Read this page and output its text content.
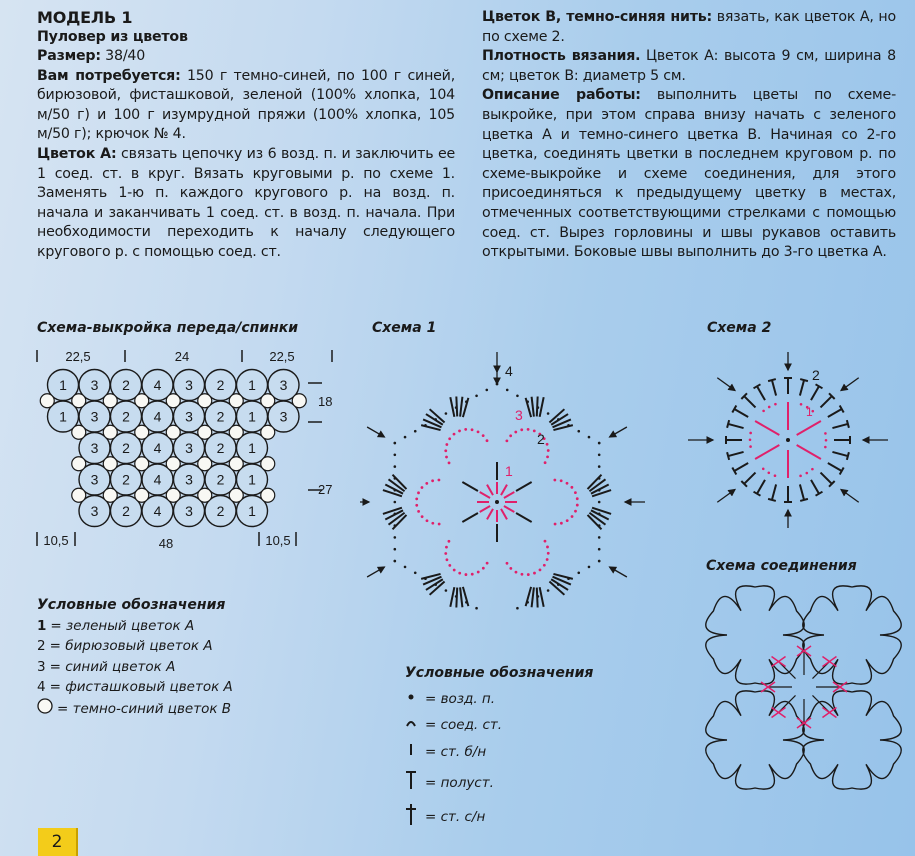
МОДЕЛЬ 1

Пуловер из цветов

Размер: 38/40

Вам потребуется: 150 г темно-синей, по 100 г синей, бирюзовой, фисташковой, зеленой (100% хлопка, 104 м/50 г) и 100 г изумрудной пряжи (100% хлопка, 105 м/50 г); крючок № 4.

Цветок А: связать цепочку из 6 возд. п. и заключить ее 1 соед. ст. в круг. Вязать круговыми р. по схеме 1. Заменять 1-ю п. каждого кругового р. на возд. п. начала и заканчивать 1 соед. ст. в возд. п. начала. При необходимости переходить к началу следующего кругового р. с помощью соед. ст.

Цветок В, темно-синяя нить: вязать, как цветок А, но по схеме 2.

Плотность вязания. Цветок А: высота 9 см, ширина 8 см; цветок В: диаметр 5 см.

Описание работы: выполнить цветы по схеме-выкройке, при этом справа внизу начать с зеленого цветка А и темно-синего цветка В. Начиная со 2-го цветка, соединять цветки в последнем круговом р. по схеме-выкройке и схеме соединения, для этого присоединяться к предыдущему цветку в местах, отмеченных соответствующими стрелками с помощью соед. ст. Вырез горловины и швы рукавов оставить открытыми. Боковые швы выполнить до 3-го цветка А.

Схема-выкройка переда/спинки
22,5	24	22,5
1 3 2 4 3 2 1 3
1 3 2 4 3 2 1 3
3 2 4 3 2 1
3 2 4 3 2 1
3 2 4 3 2 1
18
27
10,5	48	10,5
Условные обозначения
1 = зеленый цветок А
2 = бирюзовый цветок А
3 = синий цветок А
4 = фисташковый цветок А
= темно-синий цветок В
Схема 1
1
2
3
4
Схема 2
2
1
Схема соединения
Условные обозначения
= возд. п.
= соед. ст.
= ст. б/н
= полуст.
= ст. с/н
2
